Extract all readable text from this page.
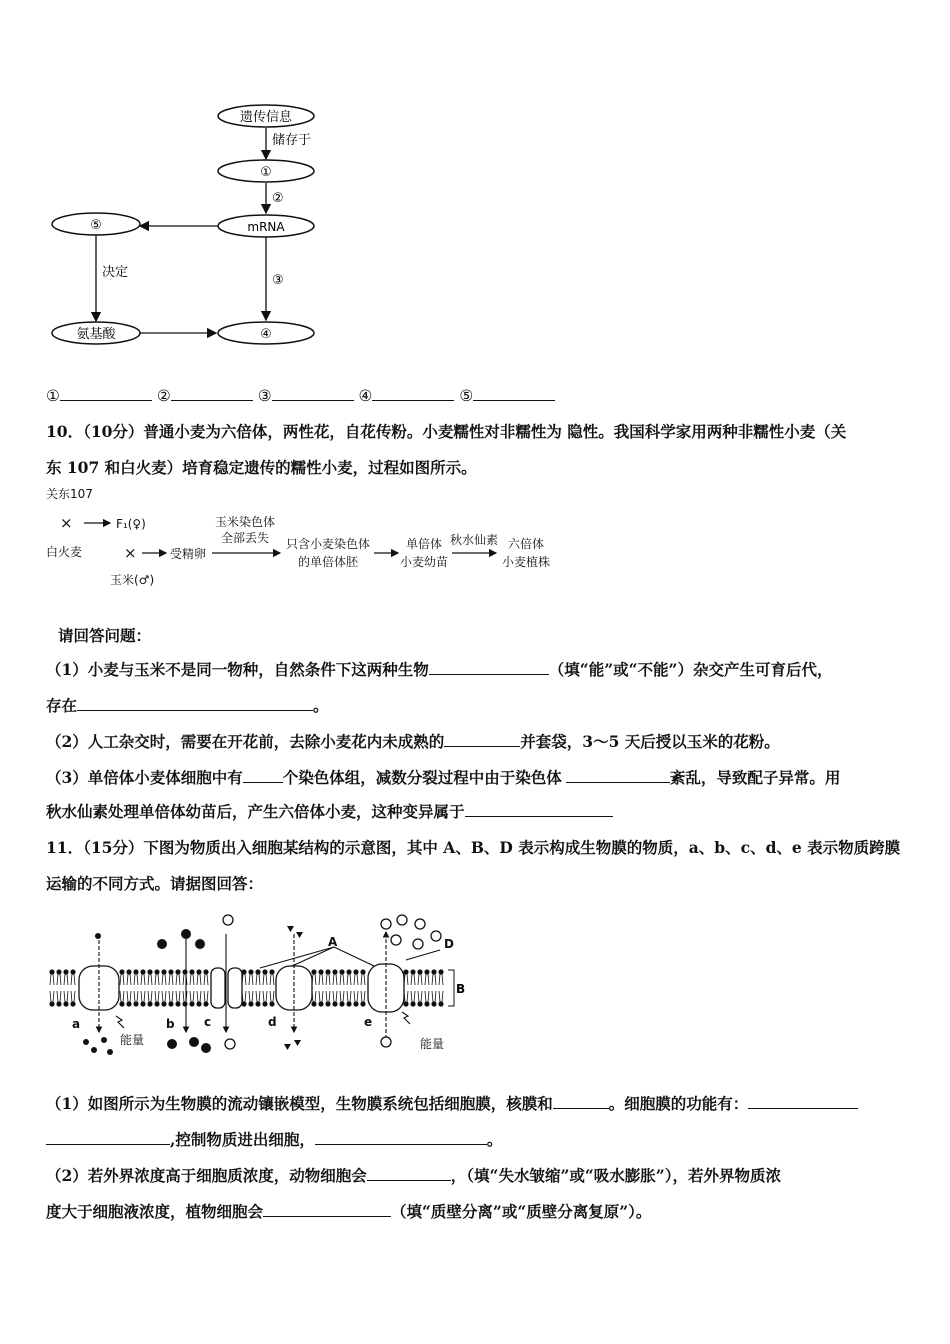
遗传信息
储存于
①
②
mRNA
⑤
决定
③
氨基酸	④
①	②	③	④	⑤
10．（10分）普通小麦为六倍体，两性花，自花传粉。小麦糯性对非糯性为 隐性。我国科学家用两种非糯性小麦（关
东 107 和白火麦）培育稳定遗传的糯性小麦，过程如图所示。
关东107
×	F₁(♀)
白火麦	×	受精卵
玉米(♂)
玉米染色体
全部丢失 只含小麦染色体
的单倍体胚
单倍体
小麦幼苗
秋水仙素 六倍体
小麦植株
请回答问题：
（1）小麦与玉米不是同一物种，自然条件下这两种生物	（填“能”或“不能”）杂交产生可育后代，
存在	。
（2）人工杂交时，需要在开花前，去除小麦花内未成熟的	并套袋，3～5 天后授以玉米的花粉。
（3）单倍体小麦体细胞中有	个染色体组，减数分裂过程中由于染色体	紊乱，导致配子异常。用
秋水仙素处理单倍体幼苗后，产生六倍体小麦，这种变异属于
11．（15分）下图为物质出入细胞某结构的示意图，其中 A、B、D 表示构成生物膜的物质，a、b、c、d、e 表示物质跨膜
运输的不同方式。请据图回答：
B
A	D
a	b c	d	e
能量	能量
（1）如图所示为生物膜的流动镶嵌模型，生物膜系统包括细胞膜，核膜和	。细胞膜的功能有：
,控制物质进出细胞，	。
（2）若外界浓度高于细胞质浓度，动物细胞会	，（填“失水皱缩”或“吸水膨胀”），若外界物质浓
度大于细胞液浓度，植物细胞会	（填“质壁分离”或“质壁分离复原”）。
